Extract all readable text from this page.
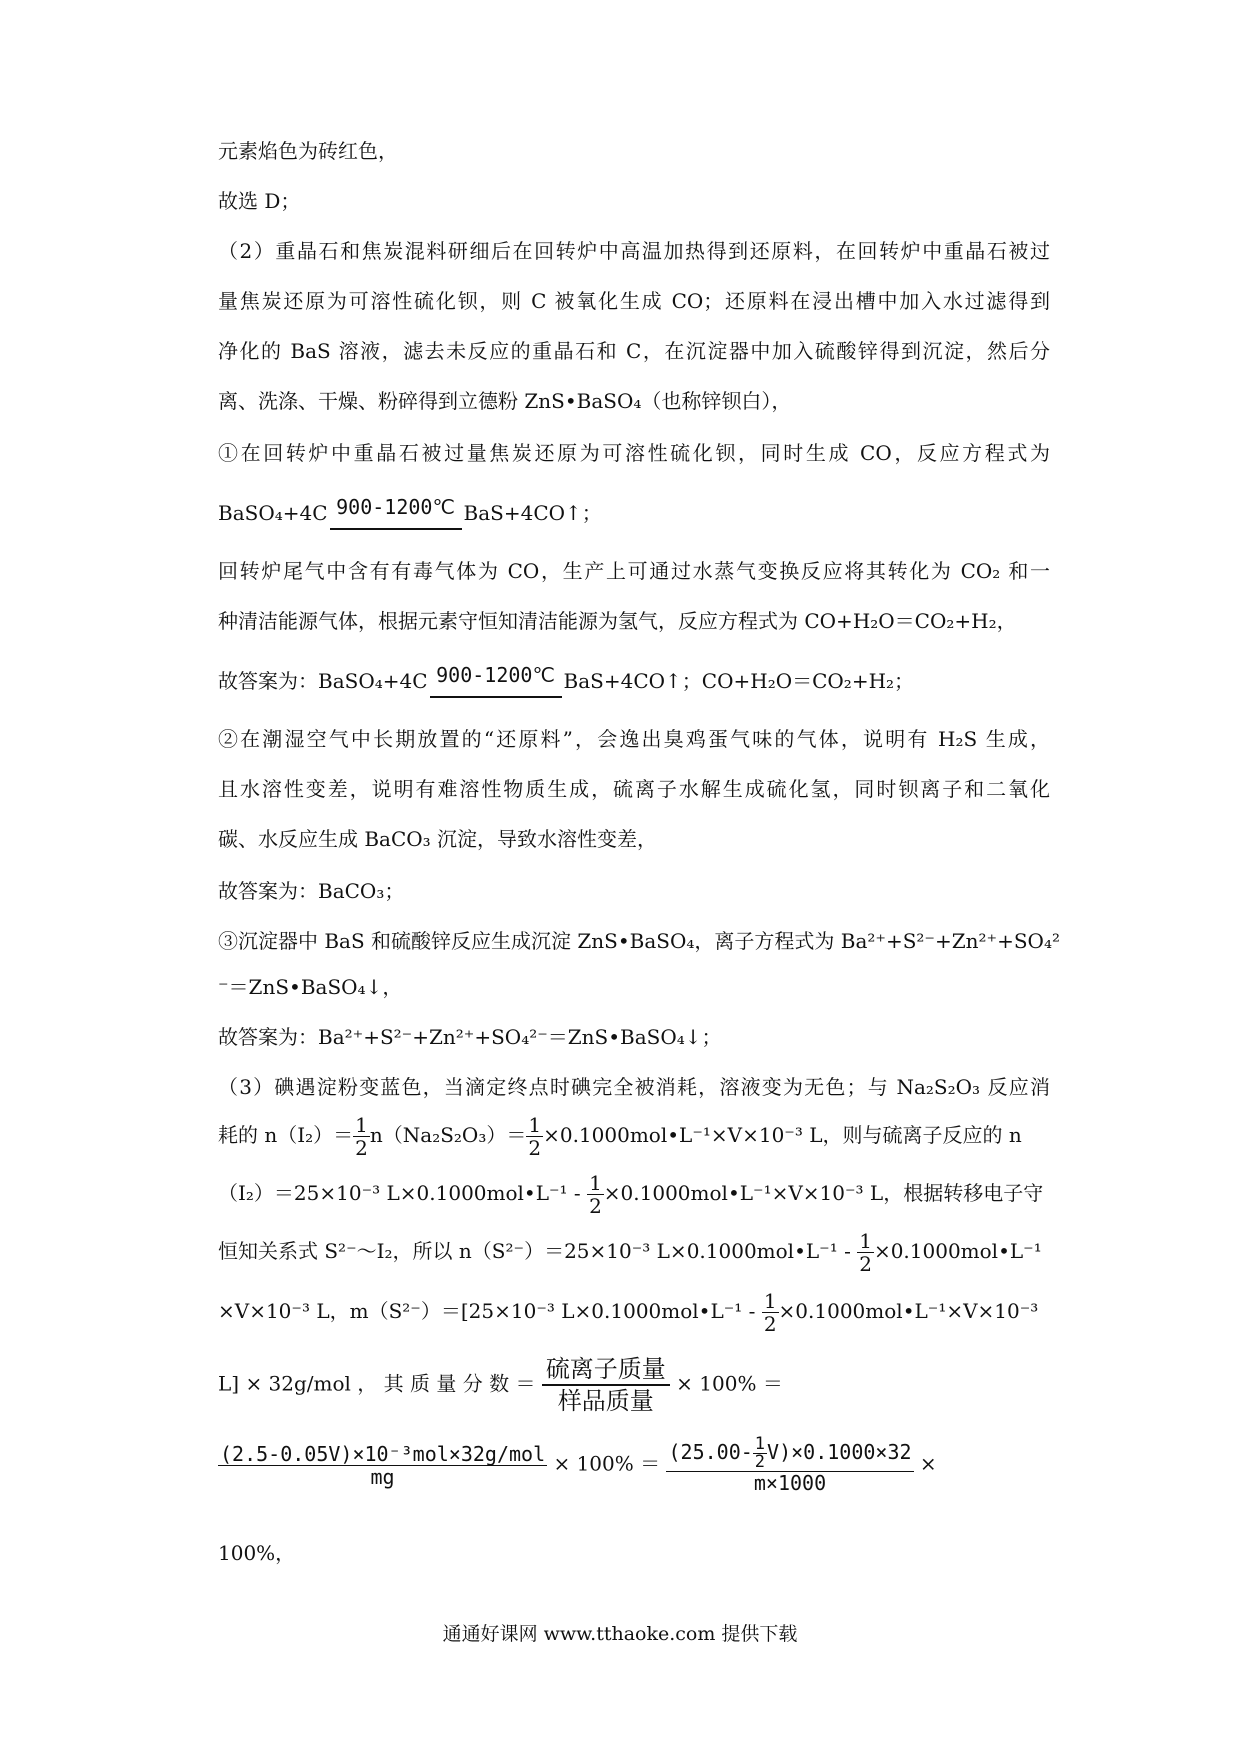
元素焰色为砖红色，
故选 D；
（2）重晶石和焦炭混料研细后在回转炉中高温加热得到还原料，在回转炉中重晶石被过
量焦炭还原为可溶性硫化钡，则 C 被氧化生成 CO；还原料在浸出槽中加入水过滤得到
净化的 BaS 溶液，滤去未反应的重晶石和 C，在沉淀器中加入硫酸锌得到沉淀，然后分
离、洗涤、干燥、粉碎得到立德粉 ZnS•BaSO₄（也称锌钡白），
①在回转炉中重晶石被过量焦炭还原为可溶性硫化钡，同时生成 CO，反应方程式为
BaSO₄+4C 900-1200℃ BaS+4CO↑；
回转炉尾气中含有有毒气体为 CO，生产上可通过水蒸气变换反应将其转化为 CO₂ 和一
种清洁能源气体，根据元素守恒知清洁能源为氢气，反应方程式为 CO+H₂O＝CO₂+H₂，
故答案为：BaSO₄+4C 900-1200℃ BaS+4CO↑；CO+H₂O＝CO₂+H₂；
②在潮湿空气中长期放置的“还原料”，会逸出臭鸡蛋气味的气体，说明有 H₂S 生成，
且水溶性变差，说明有难溶性物质生成，硫离子水解生成硫化氢，同时钡离子和二氧化
碳、水反应生成 BaCO₃ 沉淀，导致水溶性变差，
故答案为：BaCO₃；
③沉淀器中 BaS 和硫酸锌反应生成沉淀 ZnS•BaSO₄，离子方程式为 Ba²⁺+S²⁻+Zn²⁺+SO₄²
⁻＝ZnS•BaSO₄↓，
故答案为：Ba²⁺+S²⁻+Zn²⁺+SO₄²⁻＝ZnS•BaSO₄↓；
（3）碘遇淀粉变蓝色，当滴定终点时碘完全被消耗，溶液变为无色；与 Na₂S₂O₃ 反应消
耗的 $n(I_2)= \frac{1}{2} n(Na_2S_2O_3)= \frac{1}{2}$ ×0.1000mol•L⁻¹×V×10⁻³ L，则与硫离子反应的 n
（I₂）＝25×10⁻³ L×0.1000mol•L⁻¹ - $\frac{1}{2}$ ×0.1000mol•L⁻¹×V×10⁻³ L，根据转移电子守
恒知关系式 S²⁻～I₂，所以 n（S²⁻）＝25×10⁻³ L×0.1000mol•L⁻¹ - $\frac{1}{2}$ ×0.1000mol•L⁻¹
×V×10⁻³ L，m（S²⁻）＝[25×10⁻³ L×0.1000mol•L⁻¹ - $\frac{1}{2}$ ×0.1000mol•L⁻¹×V×10⁻³
L] × 32g/mol ， 其 质 量 分 数 ＝ $\frac{\text{硫离子质量}}{\text{样品质量}} \times 100\%$ ＝
$\frac{\text{(2.5-0.05V)×10⁻³mol×32g/mol}}{mg} \times 100\% = \frac{(25.00- \frac{1}{2} V)\times 0.1000\times 32}{m\times 1000}$ ×
100%，
通通好课网 www.tthaoke.com 提供下载
